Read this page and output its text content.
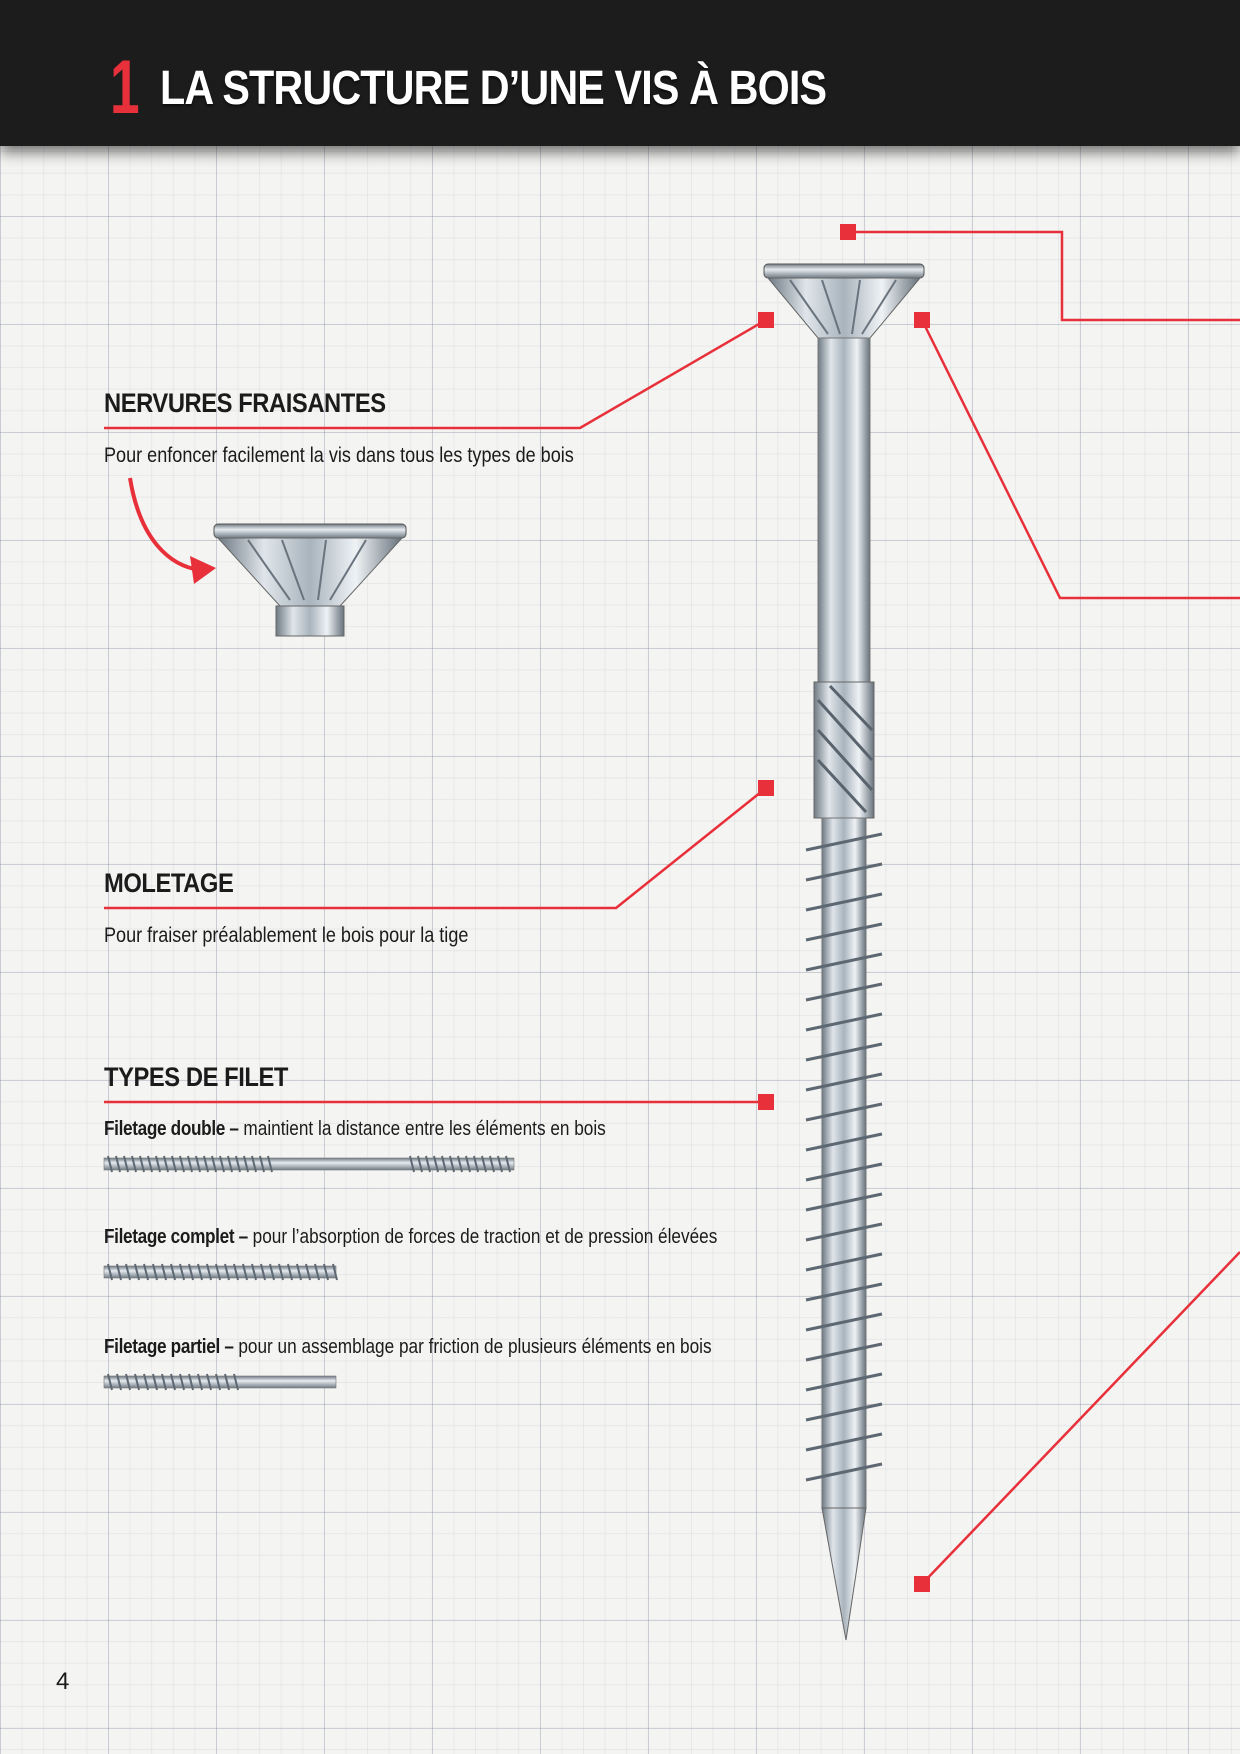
1 LA STRUCTURE D’UNE VIS À BOIS
NERVURES FRAISANTES
Pour enfoncer facilement la vis dans tous les types de bois
MOLETAGE
Pour fraiser préalablement le bois pour la tige
TYPES DE FILET
Filetage double – maintient la distance entre les éléments en bois
Filetage complet – pour l’absorption de forces de traction et de pression élevées
Filetage partiel – pour un assemblage par friction de plusieurs éléments en bois
4
